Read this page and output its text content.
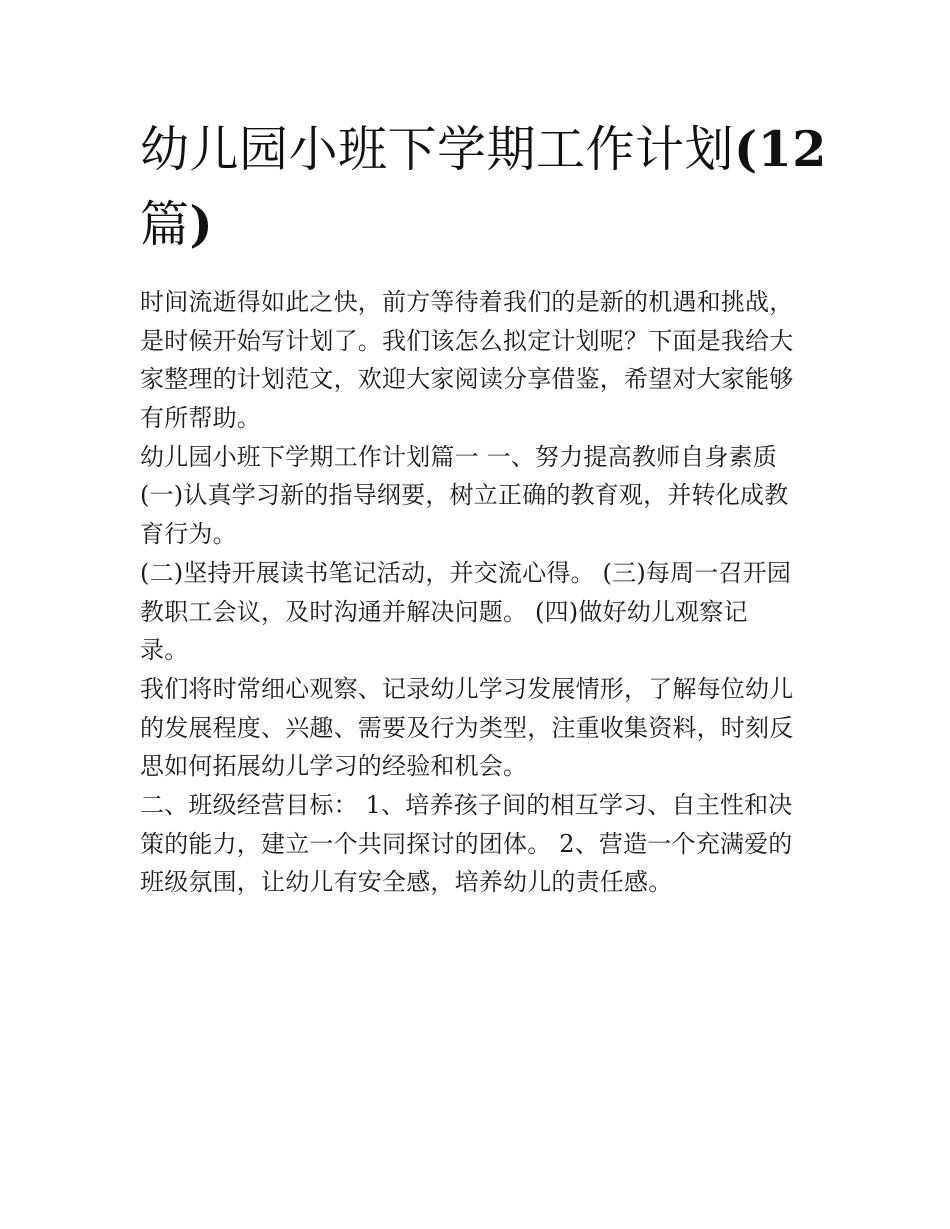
幼儿园小班下学期工作计划(12
篇)

时间流逝得如此之快，前方等待着我们的是新的机遇和挑战，
是时候开始写计划了。我们该怎么拟定计划呢？下面是我给大
家整理的计划范文，欢迎大家阅读分享借鉴，希望对大家能够
有所帮助。

幼儿园小班下学期工作计划篇一 一、努力提高教师自身素质
(一)认真学习新的指导纲要，树立正确的教育观，并转化成教
育行为。

(二)坚持开展读书笔记活动，并交流心得。 (三)每周一召开园
教职工会议，及时沟通并解决问题。 (四)做好幼儿观察记
录。

我们将时常细心观察、记录幼儿学习发展情形，了解每位幼儿
的发展程度、兴趣、需要及行为类型，注重收集资料，时刻反
思如何拓展幼儿学习的经验和机会。

二、班级经营目标： 1、培养孩子间的相互学习、自主性和决
策的能力，建立一个共同探讨的团体。 2、营造一个充满爱的
班级氛围，让幼儿有安全感，培养幼儿的责任感。
